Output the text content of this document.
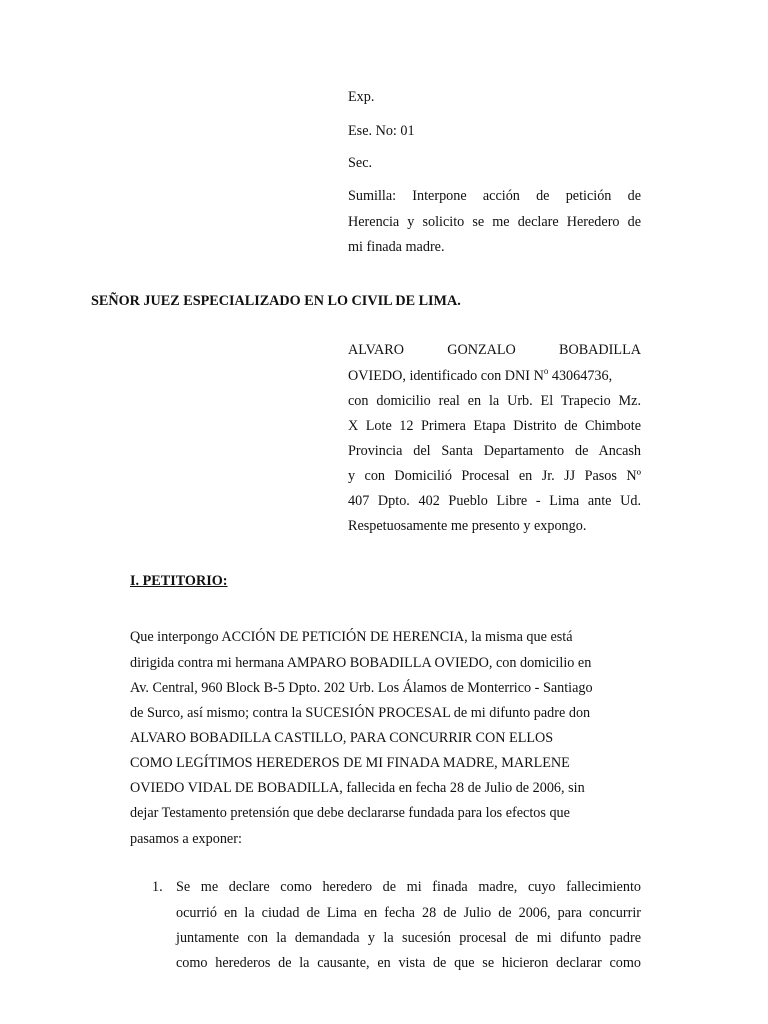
Exp.
Ese. No: 01
Sec.
Sumilla: Interpone acción de petición de
Herencia y solicito se me declare Heredero de
mi finada madre.
SEÑOR JUEZ ESPECIALIZADO EN LO CIVIL DE LIMA.
ALVARO	GONZALO	BOBADILLA
OVIEDO, identificado con DNI $N^o$ 43064736,
con domicilio real en la Urb. El Trapecio Mz.
X Lote 12 Primera Etapa Distrito de Chimbote
Provincia del Santa Departamento de Ancash
y con Domicilió Procesal en Jr. JJ Pasos Nº
407 Dpto. 402 Pueblo Libre - Lima ante Ud.
Respetuosamente me presento y expongo.
I. PETITORIO:
Que interpongo ACCIÓN DE PETICIÓN DE HERENCIA, la misma que está
dirigida contra mi hermana AMPARO BOBADILLA OVIEDO, con domicilio en
Av. Central, 960 Block B-5 Dpto. 202 Urb. Los Álamos de Monterrico - Santiago
de Surco, así mismo; contra la SUCESIÓN PROCESAL de mi difunto padre don
ALVARO BOBADILLA CASTILLO, PARA CONCURRIR CON ELLOS
COMO LEGÍTIMOS HEREDEROS DE MI FINADA MADRE, MARLENE
OVIEDO VIDAL DE BOBADILLA, fallecida en fecha 28 de Julio de 2006, sin
dejar Testamento pretensión que debe declararse fundada para los efectos que
pasamos a exponer:
1. Se me declare como heredero de mi finada madre, cuyo fallecimiento
ocurrió en la ciudad de Lima en fecha 28 de Julio de 2006, para concurrir
juntamente con la demandada y la sucesión procesal de mi difunto padre
como herederos de la causante, en vista de que se hicieron declarar como
